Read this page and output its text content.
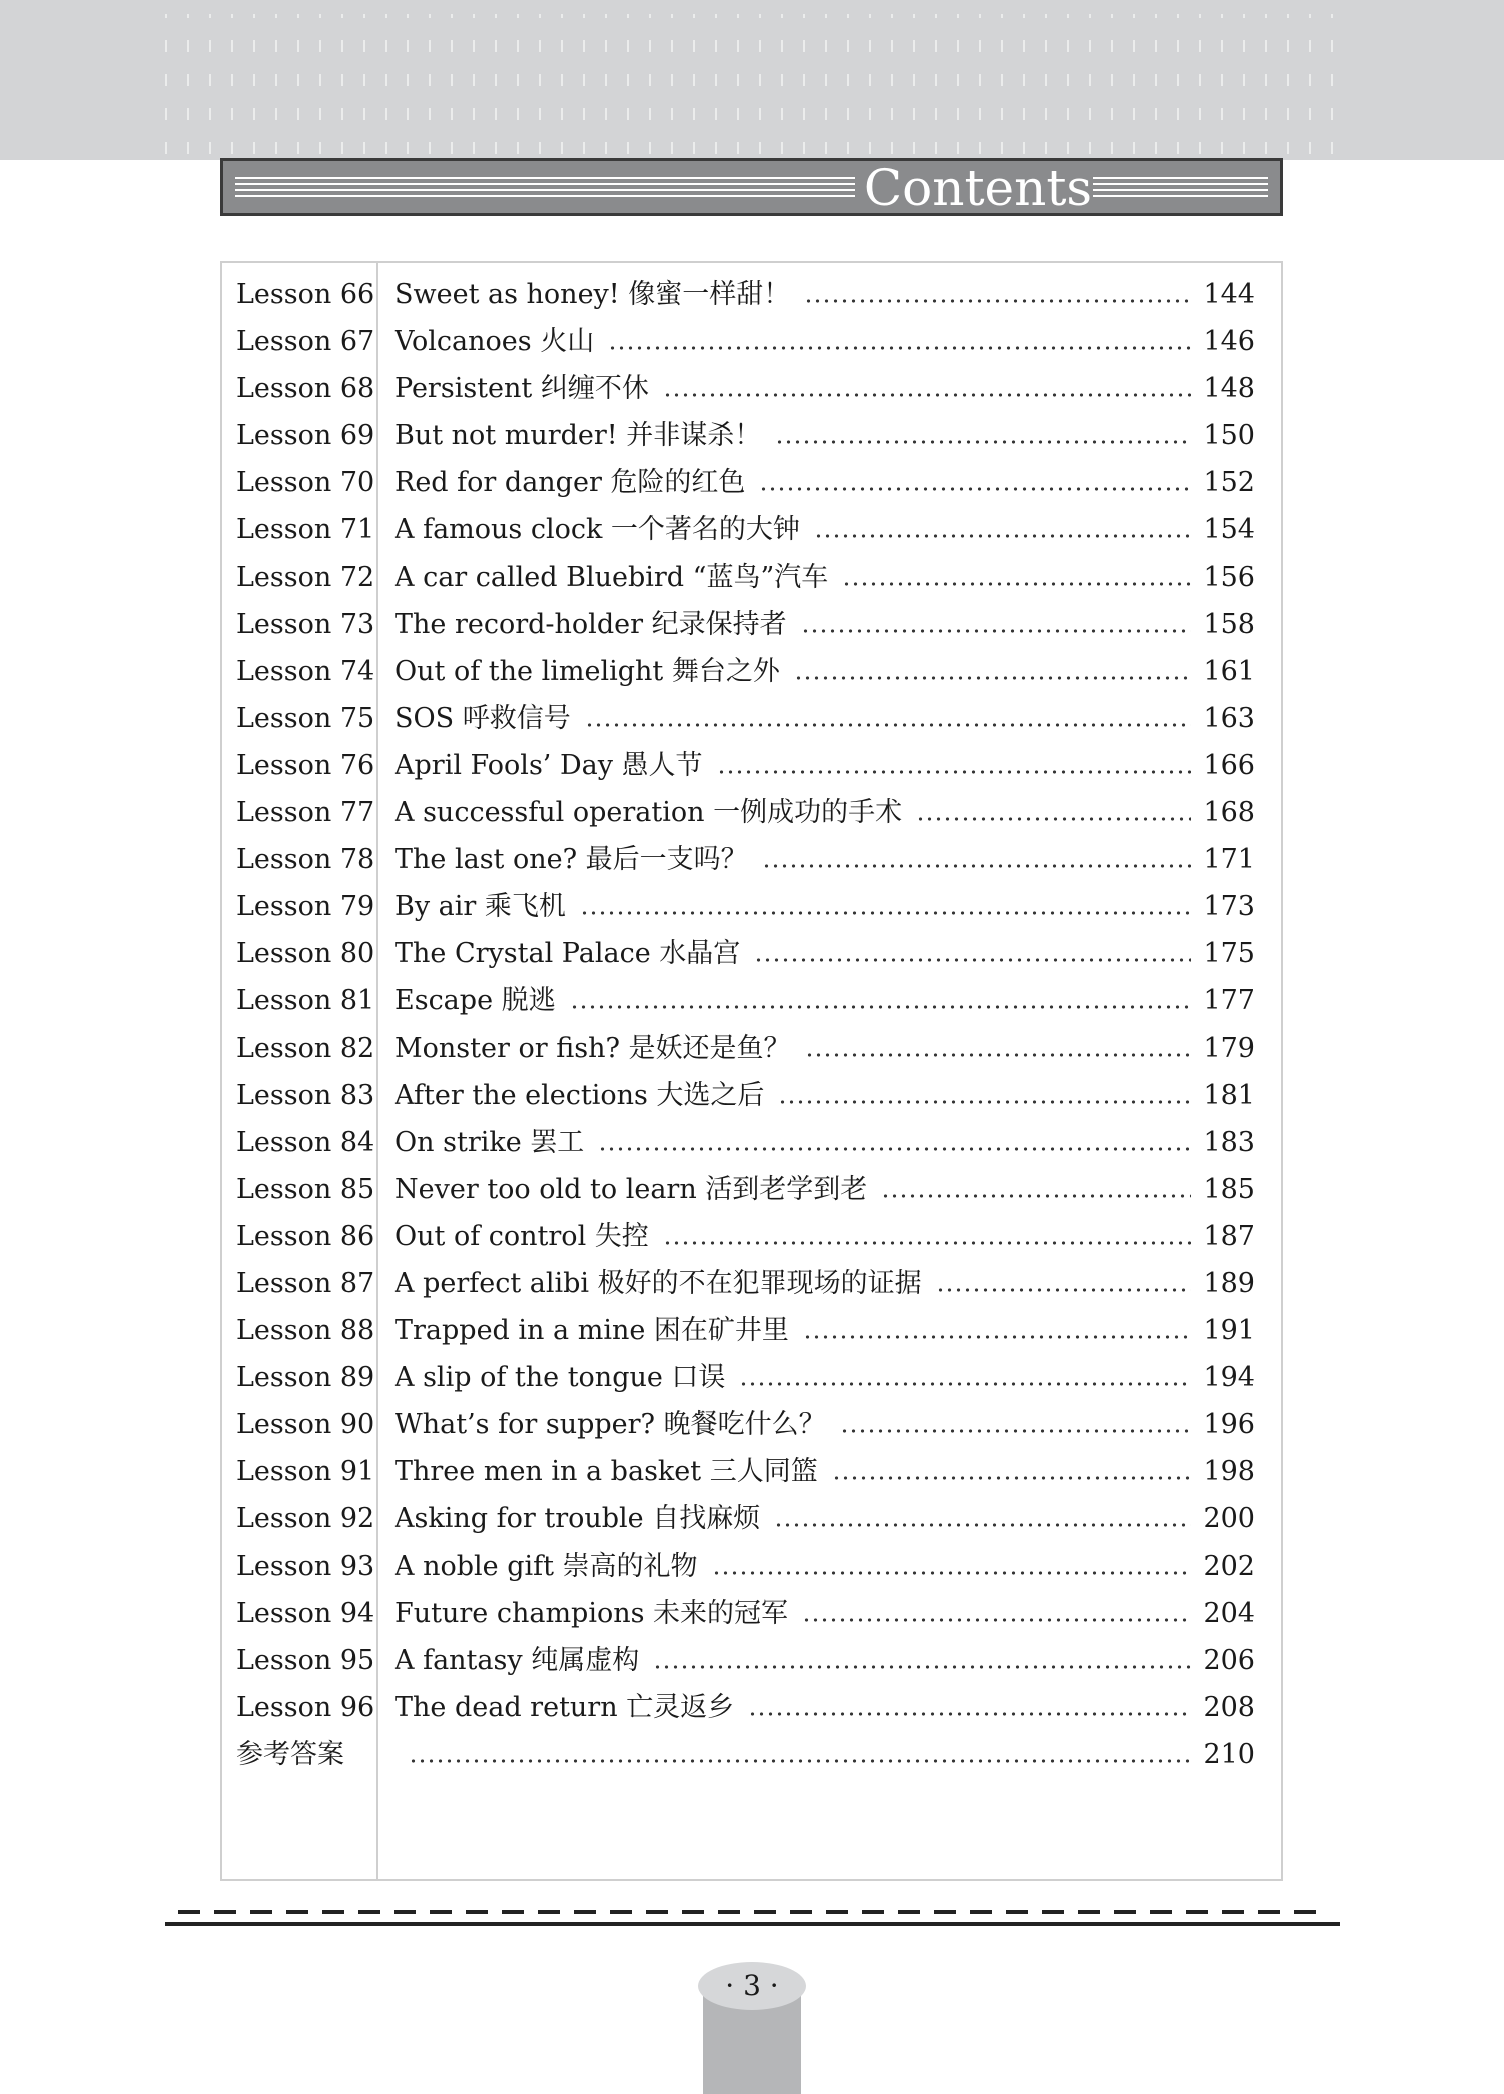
Contents
Lesson 66 Sweet as honey! 像蜜一样甜！	144
Lesson 67 Volcanoes 火山	146
Lesson 68 Persistent 纠缠不休	148
Lesson 69 But not murder! 并非谋杀！	150
Lesson 70 Red for danger 危险的红色	152
Lesson 71 A famous clock 一个著名的大钟	154
Lesson 72 A car called Bluebird “蓝鸟”汽车	156
Lesson 73 The record-holder 纪录保持者	158
Lesson 74 Out of the limelight 舞台之外	161
Lesson 75 SOS 呼救信号	163
Lesson 76 April Fools’ Day 愚人节	166
Lesson 77 A successful operation 一例成功的手术	168
Lesson 78 The last one? 最后一支吗？	171
Lesson 79 By air 乘飞机	173
Lesson 80 The Crystal Palace 水晶宫	175
Lesson 81 Escape 脱逃	177
Lesson 82 Monster or fish? 是妖还是鱼？	179
Lesson 83 After the elections 大选之后	181
Lesson 84 On strike 罢工	183
Lesson 85 Never too old to learn 活到老学到老	185
Lesson 86 Out of control 失控	187
Lesson 87 A perfect alibi 极好的不在犯罪现场的证据	189
Lesson 88 Trapped in a mine 困在矿井里	191
Lesson 89 A slip of the tongue 口误	194
Lesson 90 What’s for supper? 晚餐吃什么？	196
Lesson 91 Three men in a basket 三人同篮	198
Lesson 92 Asking for trouble 自找麻烦	200
Lesson 93 A noble gift 崇高的礼物	202
Lesson 94 Future champions 未来的冠军	204
Lesson 95 A fantasy 纯属虚构	206
Lesson 96 The dead return 亡灵返乡	208
参考答案	210
· 3 ·
